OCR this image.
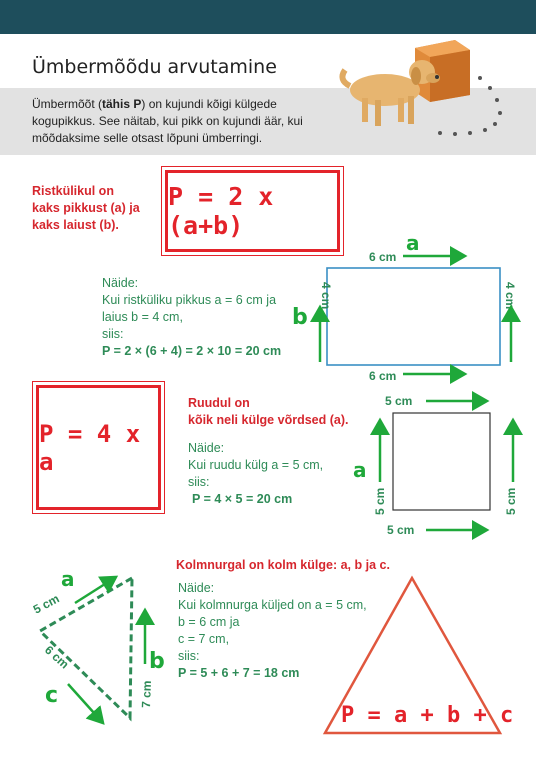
Ümbermõõdu arvutamine
Ümbermõõt (tähis P) on kujundi kõigi külgede kogupikkus. See näitab, kui pikk on kujundi äär, kui mõõdaksime selle otsast lõpuni ümberringi.
Ristkülikul on
kaks pikkust (a) ja
kaks laiust (b).
P = 2 x (a+b)
Näide:
Kui ristküliku pikkus a = 6 cm ja
laius b = 4 cm,
siis:
P = 2 × (6 + 4) = 2 × 10 = 20 cm
P = 4 x a
Ruudul on
kõik neli külge võrdsed (a).
Näide:
Kui ruudu külg a = 5 cm,
siis:
P = 4 × 5 = 20 cm
Kolmnurgal on kolm külge: a, b ja c.
Näide:
Kui kolmnurga küljed on a = 5 cm,
b = 6 cm ja
c = 7 cm,
siis:
P = 5 + 6 + 7 = 18 cm
6 cm
6 cm
4 cm	4 cm
a
b
5 cm
5 cm
5 cm	5 cm
a
5 cm
6 cm
7 cm
a
b
c
P = a + b + c
